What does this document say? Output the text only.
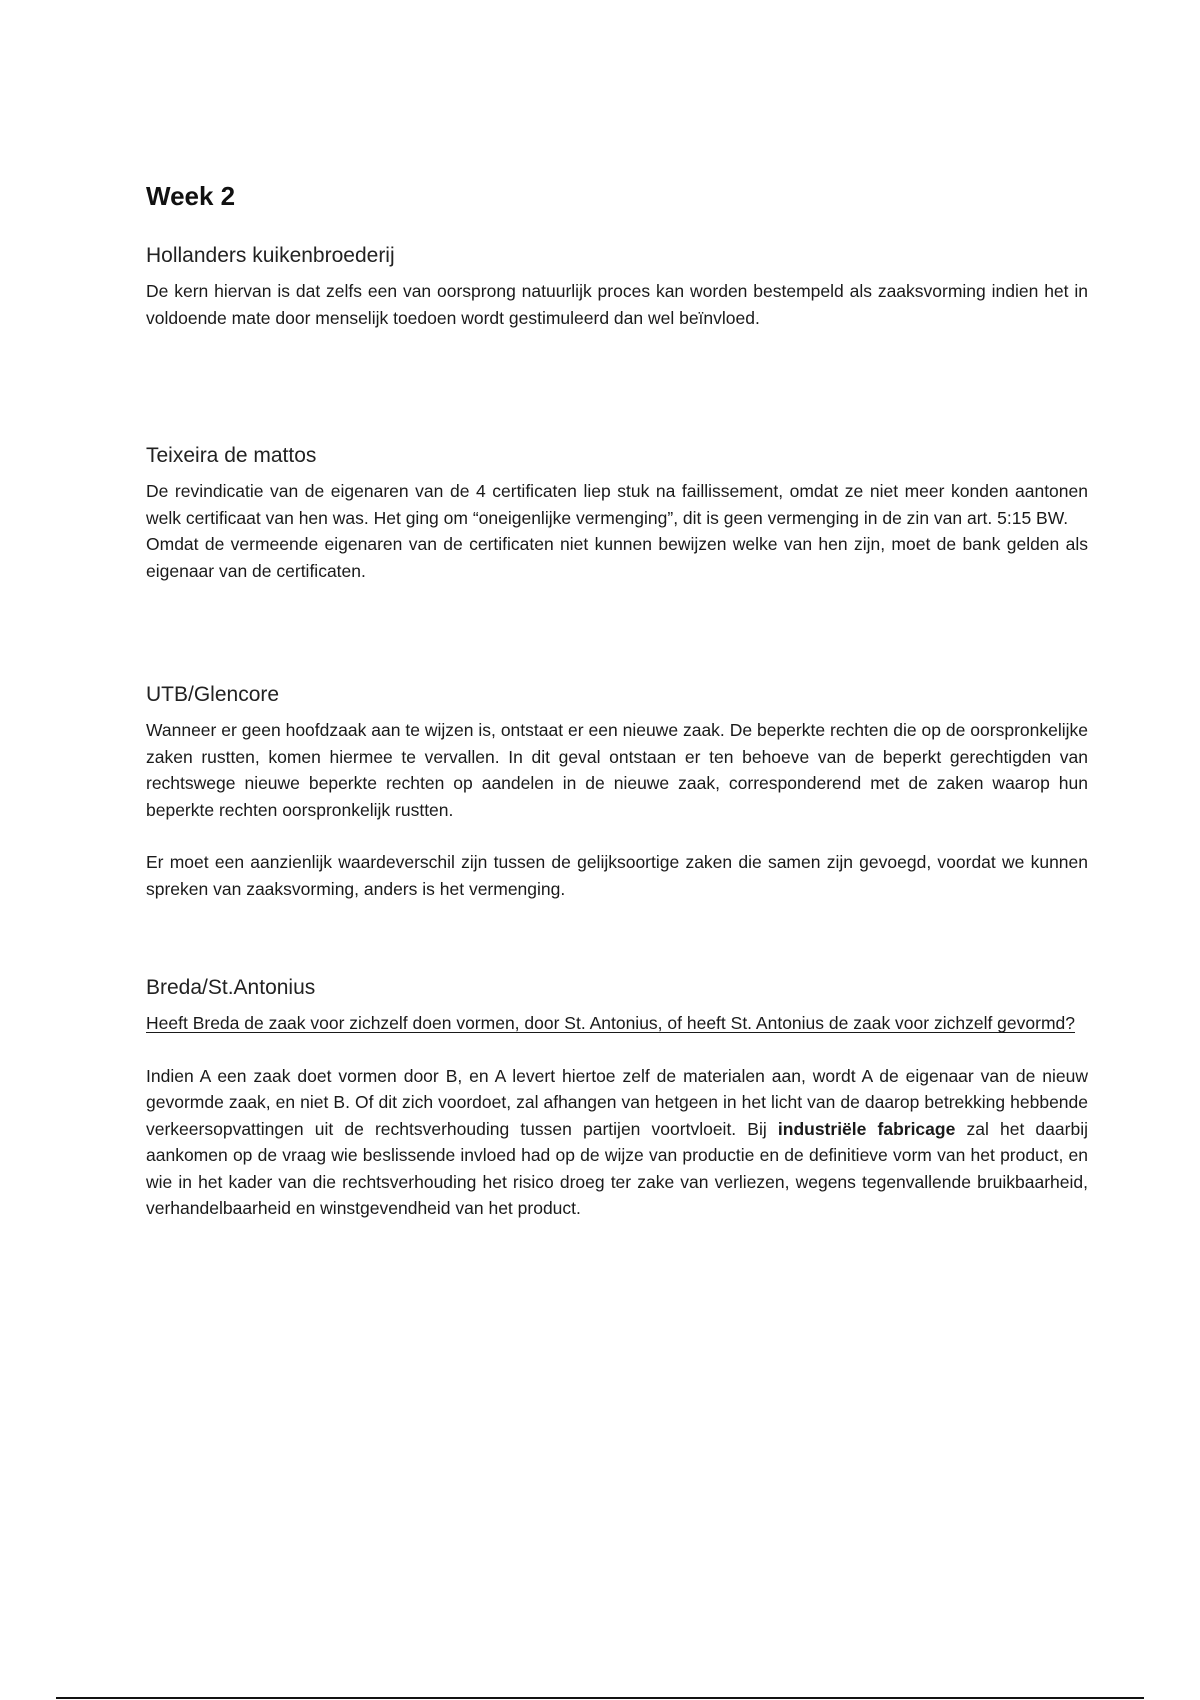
Week 2
Hollanders kuikenbroederij

De kern hiervan is dat zelfs een van oorsprong natuurlijk proces kan worden bestempeld als zaaksvorming indien het in voldoende mate door menselijk toedoen wordt gestimuleerd dan wel beïnvloed.

Teixeira de mattos

De revindicatie van de eigenaren van de 4 certificaten liep stuk na faillissement, omdat ze niet meer konden aantonen welk certificaat van hen was. Het ging om “oneigenlijke vermenging”, dit is geen vermenging in de zin van art. 5:15 BW.

Omdat de vermeende eigenaren van de certificaten niet kunnen bewijzen welke van hen zijn, moet de bank gelden als eigenaar van de certificaten.

UTB/Glencore

Wanneer er geen hoofdzaak aan te wijzen is, ontstaat er een nieuwe zaak. De beperkte rechten die op de oorspronkelijke zaken rustten, komen hiermee te vervallen. In dit geval ontstaan er ten behoeve van de beperkt gerechtigden van rechtswege nieuwe beperkte rechten op aandelen in de nieuwe zaak, corresponderend met de zaken waarop hun beperkte rechten oorspronkelijk rustten.

Er moet een aanzienlijk waardeverschil zijn tussen de gelijksoortige zaken die samen zijn gevoegd, voordat we kunnen spreken van zaaksvorming, anders is het vermenging.

Breda/St.Antonius

Heeft Breda de zaak voor zichzelf doen vormen, door St. Antonius, of heeft St. Antonius de zaak voor zichzelf gevormd?

Indien A een zaak doet vormen door B, en A levert hiertoe zelf de materialen aan, wordt A de eigenaar van de nieuw gevormde zaak, en niet B. Of dit zich voordoet, zal afhangen van hetgeen in het licht van de daarop betrekking hebbende verkeersopvattingen uit de rechtsverhouding tussen partijen voortvloeit. Bij industriële fabricage zal het daarbij aankomen op de vraag wie beslissende invloed had op de wijze van productie en de definitieve vorm van het product, en wie in het kader van die rechtsverhouding het risico droeg ter zake van verliezen, wegens tegenvallende bruikbaarheid, verhandelbaarheid en winstgevendheid van het product.
